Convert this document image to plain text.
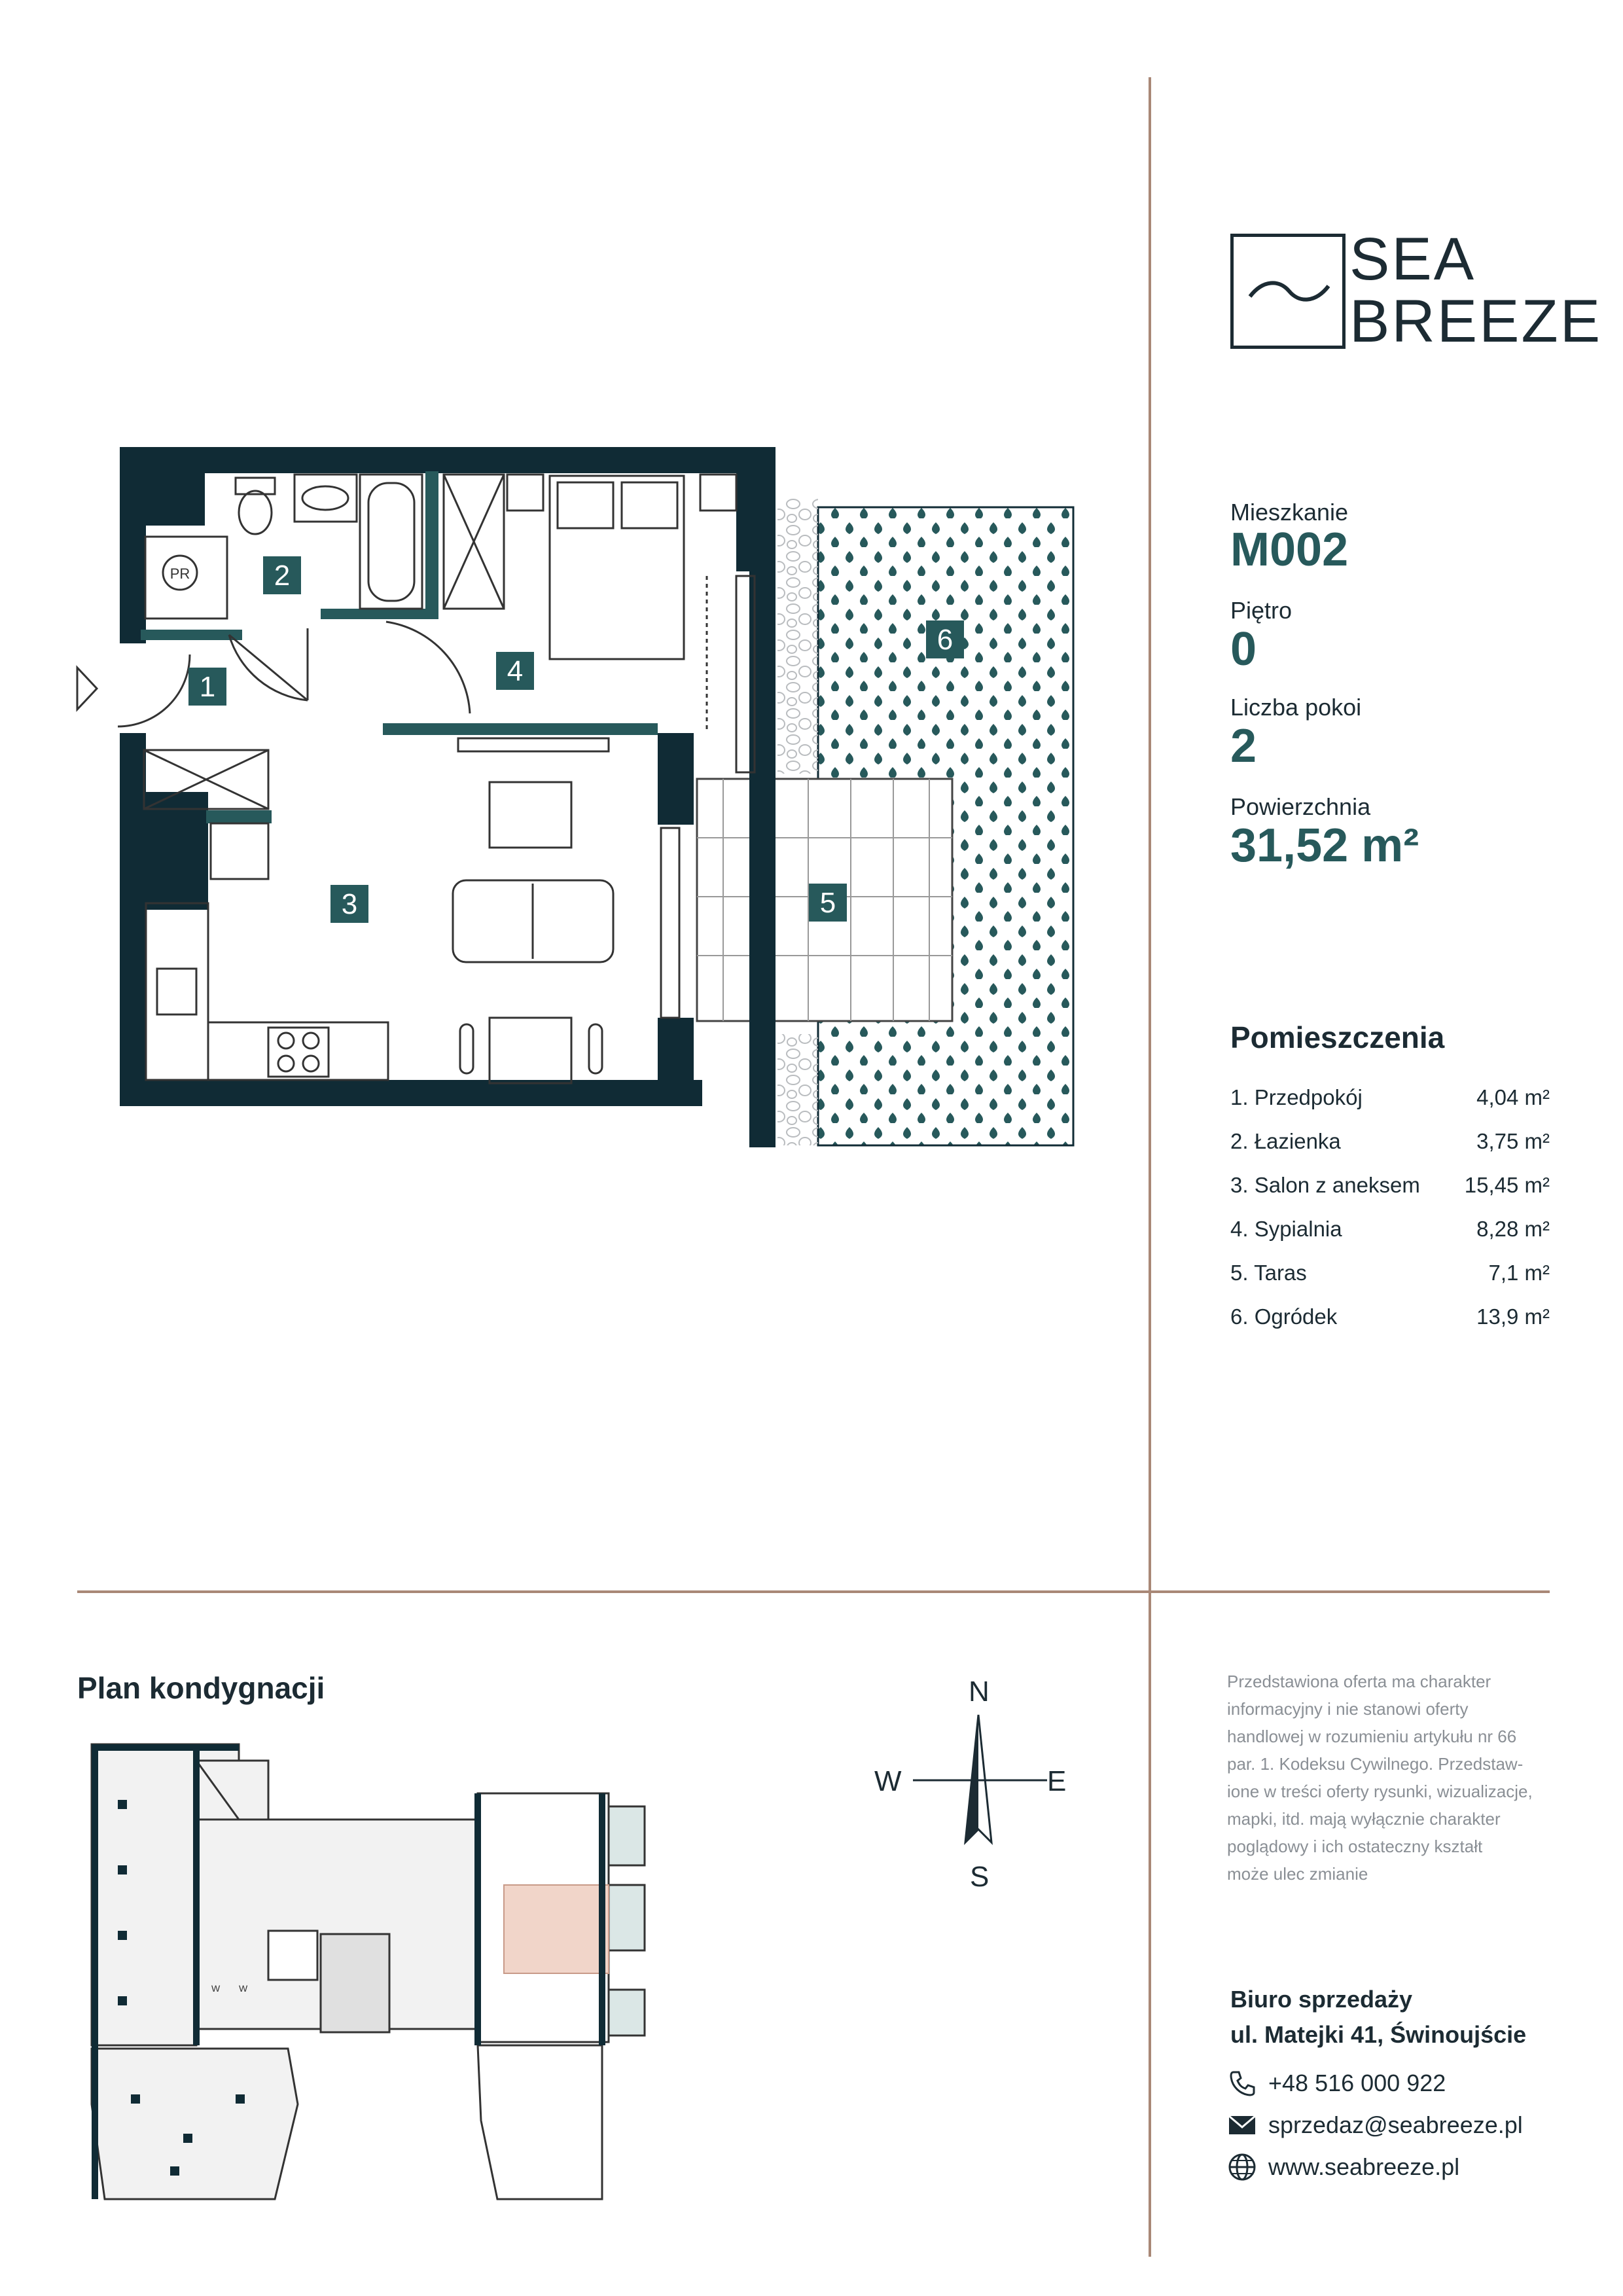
SEA
BREEZE
Mieszkanie
M002
Piętro
0
Liczba pokoi
2
Powierzchnia
31,52 m²
Pomieszczenia
1. Przedpokój	4,04 m²
2. Łazienka	3,75 m²
3. Salon z aneksem 15,45 m²
4. Sypialnia	8,28 m²
5. Taras	7,1 m²
6. Ogródek	13,9 m²
1
2
3
4
5
6
PR
Plan kondygnacji
W W
N
S
E
W
Przedstawiona oferta ma charakter
informacyjny i nie stanowi oferty
handlowej w rozumieniu artykułu nr 66
par. 1. Kodeksu Cywilnego. Przedstaw-
ione w treści oferty rysunki, wizualizacje,
mapki, itd. mają wyłącznie charakter
poglądowy i ich ostateczny kształt
może ulec zmianie
Biuro sprzedaży
ul. Matejki 41, Świnoujście
+48 516 000 922
sprzedaz@seabreeze.pl
www.seabreeze.pl
